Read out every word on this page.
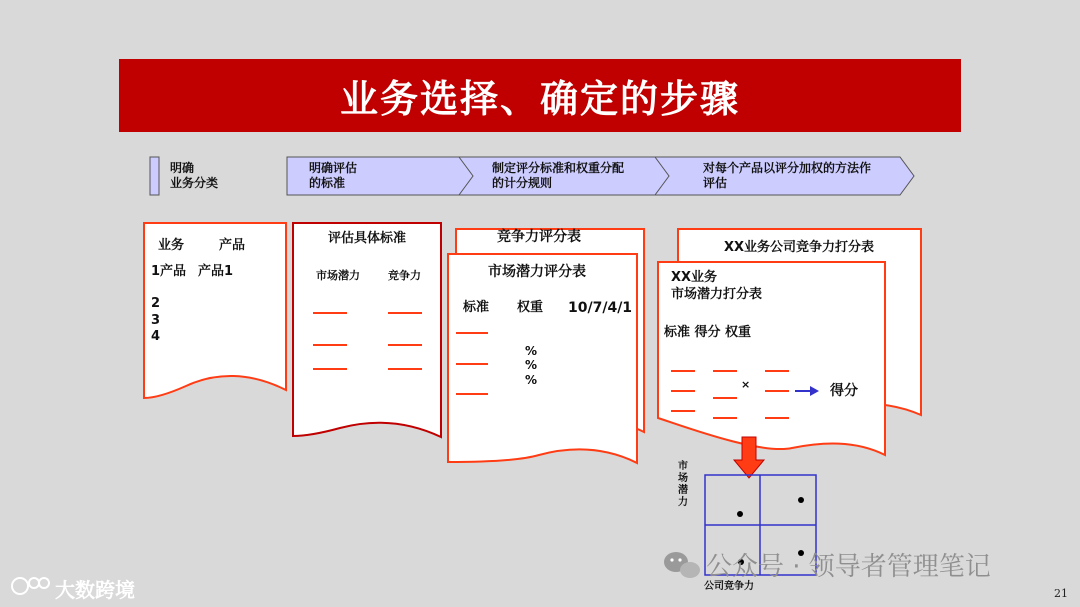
业务选择、确定的步骤
明确
业务分类
明确评估
的标准
制定评分标准和权重分配
的计分规则
对每个产品以评分加权的方法作
评估
业务	产品
1产品 产品1
2
3
4
评估具体标准
市场潜力	竞争力
竞争力评分表
市场潜力评分表
标准 权重 10/7/4/1
%
%
%
XX业务公司竞争力打分表
XX业务
市场潜力打分表
标准 得分 权重
×	得分
市场潜力
公司竞争力
公众号 · 领导者管理笔记
大数跨境	21
